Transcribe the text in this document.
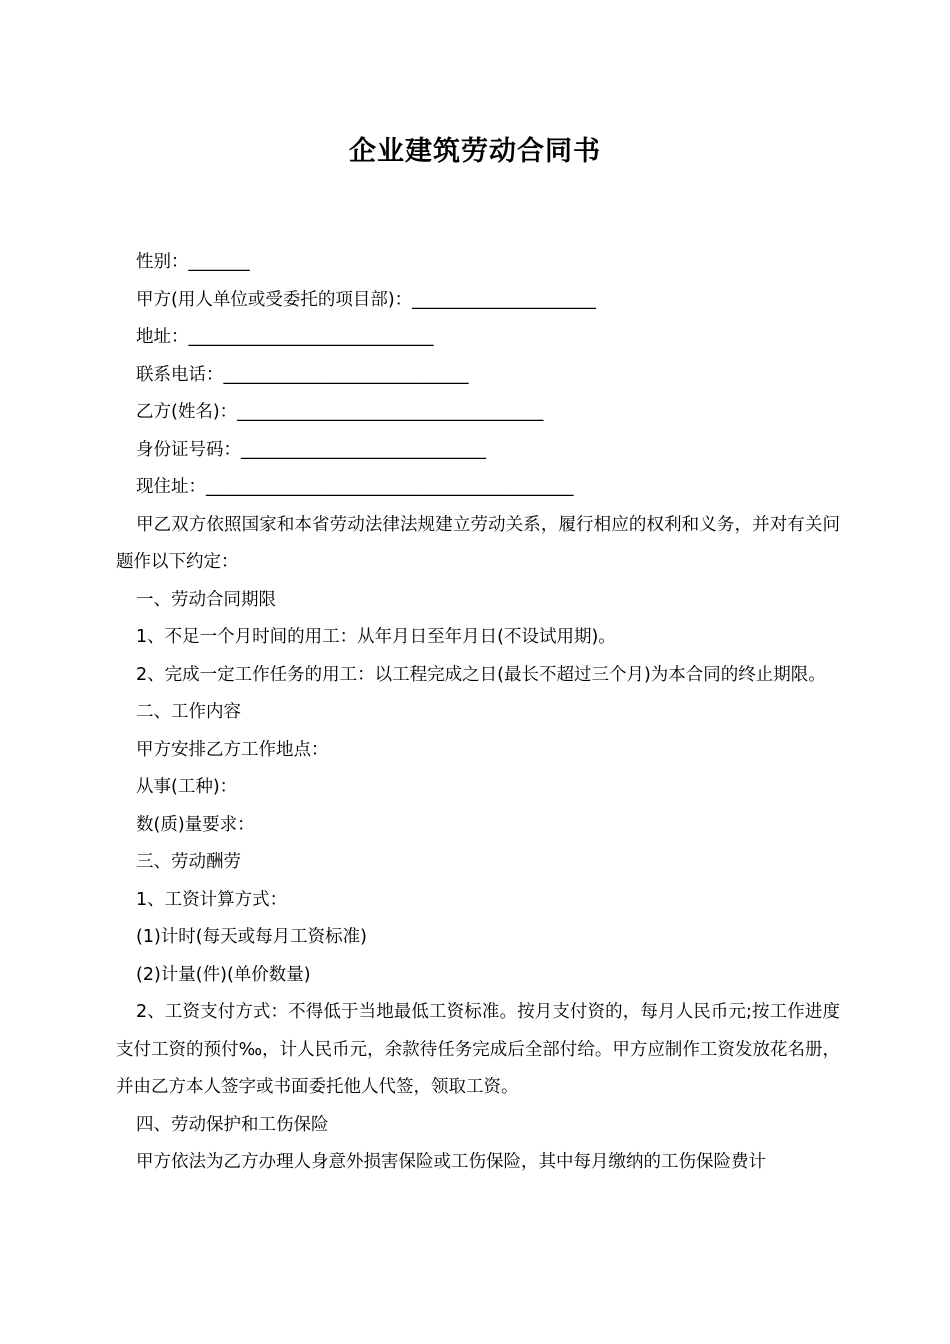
企业建筑劳动合同书

性别：_______

甲方(用人单位或受委托的项目部)：_____________________

地址：____________________________

联系电话：____________________________

乙方(姓名)：___________________________________

身份证号码：____________________________

现住址：__________________________________________

甲乙双方依照国家和本省劳动法律法规建立劳动关系，履行相应的权利和义务，并对有关问题作以下约定：

一、劳动合同期限

1、不足一个月时间的用工：从年月日至年月日(不设试用期)。

2、完成一定工作任务的用工：以工程完成之日(最长不超过三个月)为本合同的终止期限。

二、工作内容

甲方安排乙方工作地点：

从事(工种)：

数(质)量要求：

三、劳动酬劳

1、工资计算方式：

(1)计时(每天或每月工资标准)

(2)计量(件)(单价数量)

2、工资支付方式：不得低于当地最低工资标准。按月支付资的，每月人民币元;按工作进度支付工资的预付‰，计人民币元，余款待任务完成后全部付给。甲方应制作工资发放花名册，并由乙方本人签字或书面委托他人代签，领取工资。

四、劳动保护和工伤保险

甲方依法为乙方办理人身意外损害保险或工伤保险，其中每月缴纳的工伤保险费计
